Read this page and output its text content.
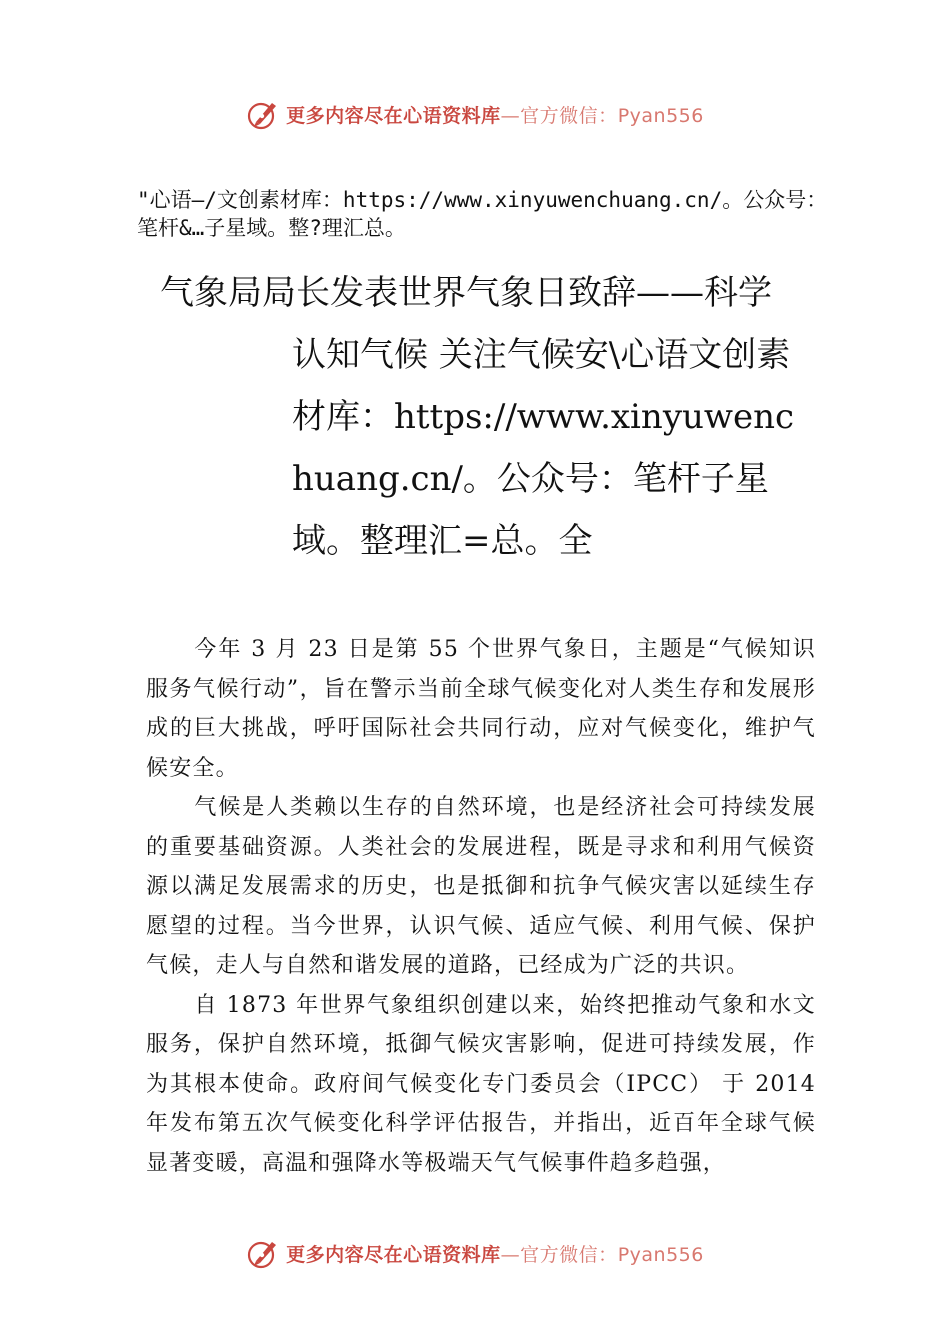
更多内容尽在心语资料库—官方微信：Pyan556
"心语—/文创素材库：https://www.xinyuwenchuang.cn/。公众号：笔杆&…子星域。整?理汇总。
气象局局长发表世界气象日致辞——科学
认知气候 关注气候安\心语文创素材库：https://www.xinyuwenchuang.cn/。公众号：笔杆子星域。整理汇=总。全

今年 3 月 23 日是第 55 个世界气象日，主题是“气候知识服务气候行动”，旨在警示当前全球气候变化对人类生存和发展形成的巨大挑战，呼吁国际社会共同行动，应对气候变化，维护气候安全。

气候是人类赖以生存的自然环境，也是经济社会可持续发展的重要基础资源。人类社会的发展进程，既是寻求和利用气候资源以满足发展需求的历史，也是抵御和抗争气候灾害以延续生存愿望的过程。当今世界，认识气候、适应气候、利用气候、保护气候，走人与自然和谐发展的道路，已经成为广泛的共识。

自 1873 年世界气象组织创建以来，始终把推动气象和水文服务，保护自然环境，抵御气候灾害影响，促进可持续发展，作为其根本使命。政府间气候变化专门委员会（IPCC） 于 2014 年发布第五次气候变化科学评估报告，并指出，近百年全球气候显著变暖，高温和强降水等极端天气气候事件趋多趋强，

更多内容尽在心语资料库—官方微信：Pyan556
